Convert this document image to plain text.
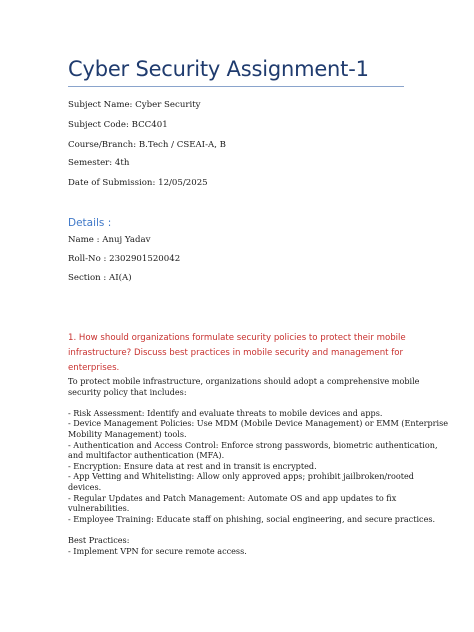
Cyber Security Assignment-1
Subject Name: Cyber Security
Subject Code: BCC401
Course/Branch: B.Tech / CSEAI-A, B
Semester: 4th
Date of Submission: 12/05/2025
Details :
Name : Anuj Yadav
Roll-No : 2302901520042
Section : AI(A)
1. How should organizations formulate security policies to protect their mobile infrastructure? Discuss best practices in mobile security and management for enterprises.
To protect mobile infrastructure, organizations should adopt a comprehensive mobile
security policy that includes:
- Risk Assessment: Identify and evaluate threats to mobile devices and apps.
- Device Management Policies: Use MDM (Mobile Device Management) or EMM (Enterprise
Mobility Management) tools.
- Authentication and Access Control: Enforce strong passwords, biometric authentication,
and multifactor authentication (MFA).
- Encryption: Ensure data at rest and in transit is encrypted.
- App Vetting and Whitelisting: Allow only approved apps; prohibit jailbroken/rooted
devices.
- Regular Updates and Patch Management: Automate OS and app updates to fix
vulnerabilities.
- Employee Training: Educate staff on phishing, social engineering, and secure practices.
Best Practices:
- Implement VPN for secure remote access.
